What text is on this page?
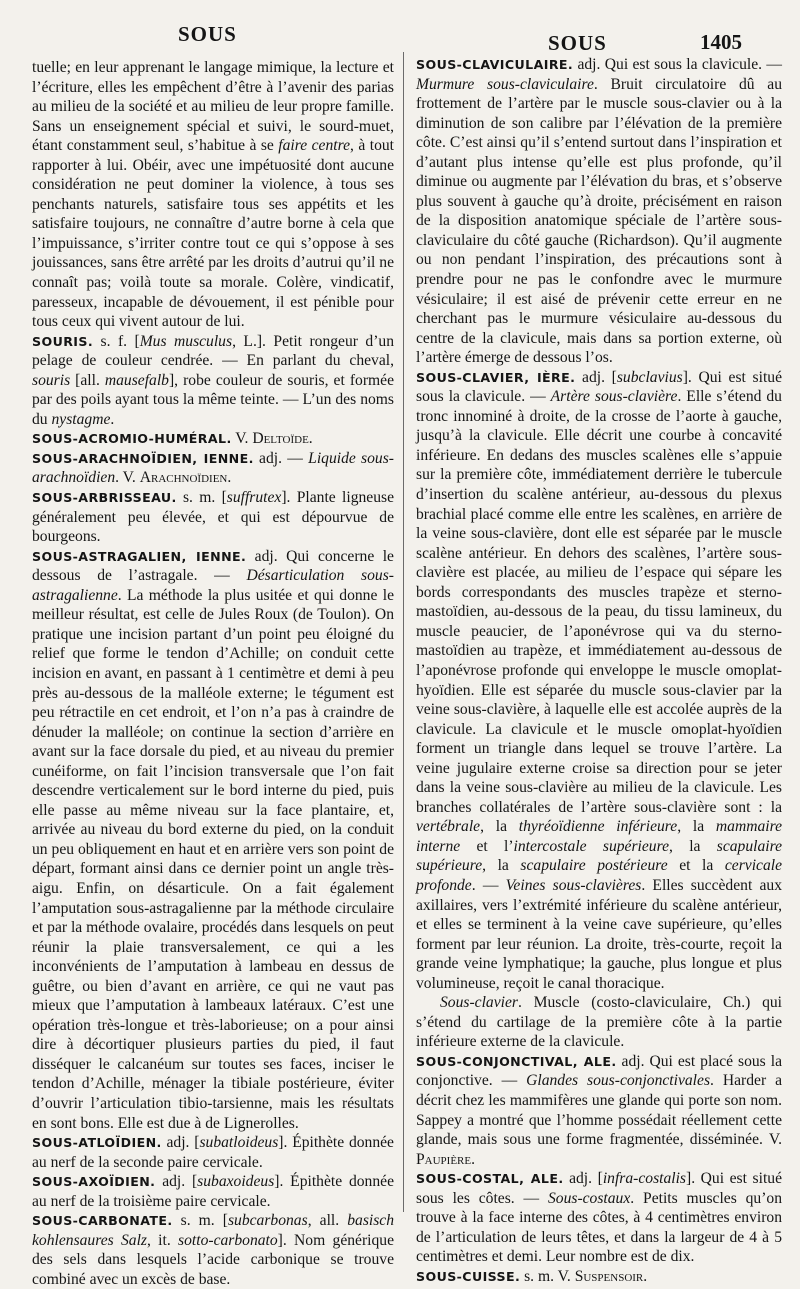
SOUS	SOUS	1405

tuelle; en leur apprenant le langage mimique, la lecture et l’écriture, elles les empêchent d’être à l’avenir des parias au milieu de la société et au milieu de leur propre famille. Sans un enseignement spécial et suivi, le sourd-muet, étant constamment seul, s’habitue à se faire centre, à tout rapporter à lui. Obéir, avec une impétuosité dont aucune considération ne peut dominer la violence, à tous ses penchants naturels, satisfaire tous ses appétits et les satisfaire toujours, ne connaître d’autre borne à cela que l’impuissance, s’irriter contre tout ce qui s’oppose à ses jouissances, sans être arrêté par les droits d’autrui qu’il ne connaît pas; voilà toute sa morale. Colère, vindicatif, paresseux, incapable de dévouement, il est pénible pour tous ceux qui vivent autour de lui.

SOURIS. s. f. [Mus musculus, L.]. Petit rongeur d’un pelage de couleur cendrée. — En parlant du cheval, souris [all. mausefalb], robe couleur de souris, et formée par des poils ayant tous la même teinte. — L’un des noms du nystagme.

SOUS-ACROMIO-HUMÉRAL. V. Deltoïde.

SOUS-ARACHNOÏDIEN, IENNE. adj. — Liquide sous-arachnoïdien. V. Arachnoïdien.

SOUS-ARBRISSEAU. s. m. [suffrutex]. Plante ligneuse généralement peu élevée, et qui est dépourvue de bourgeons.

SOUS-ASTRAGALIEN, IENNE. adj. Qui concerne le dessous de l’astragale. — Désarticulation sous-astragalienne. La méthode la plus usitée et qui donne le meilleur résultat, est celle de Jules Roux (de Toulon). On pratique une incision partant d’un point peu éloigné du relief que forme le tendon d’Achille; on conduit cette incision en avant, en passant à 1 centimètre et demi à peu près au-dessous de la malléole externe; le tégument est peu rétractile en cet endroit, et l’on n’a pas à craindre de dénuder la malléole; on continue la section d’arrière en avant sur la face dorsale du pied, et au niveau du premier cunéiforme, on fait l’incision transversale que l’on fait descendre verticalement sur le bord interne du pied, puis elle passe au même niveau sur la face plantaire, et, arrivée au niveau du bord externe du pied, on la conduit un peu obliquement en haut et en arrière vers son point de départ, formant ainsi dans ce dernier point un angle très-aigu. Enfin, on désarticule. On a fait également l’amputation sous-astragalienne par la méthode circulaire et par la méthode ovalaire, procédés dans lesquels on peut réunir la plaie transversalement, ce qui a les inconvénients de l’amputation à lambeau en dessus de guêtre, ou bien d’avant en arrière, ce qui ne vaut pas mieux que l’amputation à lambeaux latéraux. C’est une opération très-longue et très-laborieuse; on a pour ainsi dire à décortiquer plusieurs parties du pied, il faut disséquer le calcanéum sur toutes ses faces, inciser le tendon d’Achille, ménager la tibiale postérieure, éviter d’ouvrir l’articulation tibio-tarsienne, mais les résultats en sont bons. Elle est due à de Lignerolles.

SOUS-ATLOÏDIEN. adj. [subatloideus]. Épithète donnée au nerf de la seconde paire cervicale.

SOUS-AXOÏDIEN. adj. [subaxoideus]. Épithète donnée au nerf de la troisième paire cervicale.

SOUS-CARBONATE. s. m. [subcarbonas, all. basisch kohlensaures Salz, it. sotto-carbonato]. Nom générique des sels dans lesquels l’acide carbonique se trouve combiné avec un excès de base.

SOUS-CLAVICULAIRE. adj. Qui est sous la clavicule. — Murmure sous-claviculaire. Bruit circulatoire dû au frottement de l’artère par le muscle sous-clavier ou à la diminution de son calibre par l’élévation de la première côte. C’est ainsi qu’il s’entend surtout dans l’inspiration et d’autant plus intense qu’elle est plus profonde, qu’il diminue ou augmente par l’élévation du bras, et s’observe plus souvent à gauche qu’à droite, précisément en raison de la disposition anatomique spéciale de l’artère sous-claviculaire du côté gauche (Richardson). Qu’il augmente ou non pendant l’inspiration, des précautions sont à prendre pour ne pas le confondre avec le murmure vésiculaire; il est aisé de prévenir cette erreur en ne cherchant pas le murmure vésiculaire au-dessous du centre de la clavicule, mais dans sa portion externe, où l’artère émerge de dessous l’os.

SOUS-CLAVIER, IÈRE. adj. [subclavius]. Qui est situé sous la clavicule. — Artère sous-clavière. Elle s’étend du tronc innominé à droite, de la crosse de l’aorte à gauche, jusqu’à la clavicule. Elle décrit une courbe à concavité inférieure. En dedans des muscles scalènes elle s’appuie sur la première côte, immédiatement derrière le tubercule d’insertion du scalène antérieur, au-dessous du plexus brachial placé comme elle entre les scalènes, en arrière de la veine sous-clavière, dont elle est séparée par le muscle scalène antérieur. En dehors des scalènes, l’artère sous-clavière est placée, au milieu de l’espace qui sépare les bords correspondants des muscles trapèze et sterno-mastoïdien, au-dessous de la peau, du tissu lamineux, du muscle peaucier, de l’aponévrose qui va du sterno-mastoïdien au trapèze, et immédiatement au-dessous de l’aponévrose profonde qui enveloppe le muscle omoplat-hyoïdien. Elle est séparée du muscle sous-clavier par la veine sous-clavière, à laquelle elle est accolée auprès de la clavicule. La clavicule et le muscle omoplat-hyoïdien forment un triangle dans lequel se trouve l’artère. La veine jugulaire externe croise sa direction pour se jeter dans la veine sous-clavière au milieu de la clavicule. Les branches collatérales de l’artère sous-clavière sont : la vertébrale, la thyréoïdienne inférieure, la mammaire interne et l’intercostale supérieure, la scapulaire supérieure, la scapulaire postérieure et la cervicale profonde. — Veines sous-clavières. Elles succèdent aux axillaires, vers l’extrémité inférieure du scalène antérieur, et elles se terminent à la veine cave supérieure, qu’elles forment par leur réunion. La droite, très-courte, reçoit la grande veine lymphatique; la gauche, plus longue et plus volumineuse, reçoit le canal thoracique.

Sous-clavier. Muscle (costo-claviculaire, Ch.) qui s’étend du cartilage de la première côte à la partie inférieure externe de la clavicule.

SOUS-CONJONCTIVAL, ALE. adj. Qui est placé sous la conjonctive. — Glandes sous-conjonctivales. Harder a décrit chez les mammifères une glande qui porte son nom. Sappey a montré que l’homme possédait réellement cette glande, mais sous une forme fragmentée, disséminée. V. Paupière.

SOUS-COSTAL, ALE. adj. [infra-costalis]. Qui est situé sous les côtes. — Sous-costaux. Petits muscles qu’on trouve à la face interne des côtes, à 4 centimètres environ de l’articulation de leurs têtes, et dans la largeur de 4 à 5 centimètres et demi. Leur nombre est de dix.

SOUS-CUISSE. s. m. V. Suspensoir.
